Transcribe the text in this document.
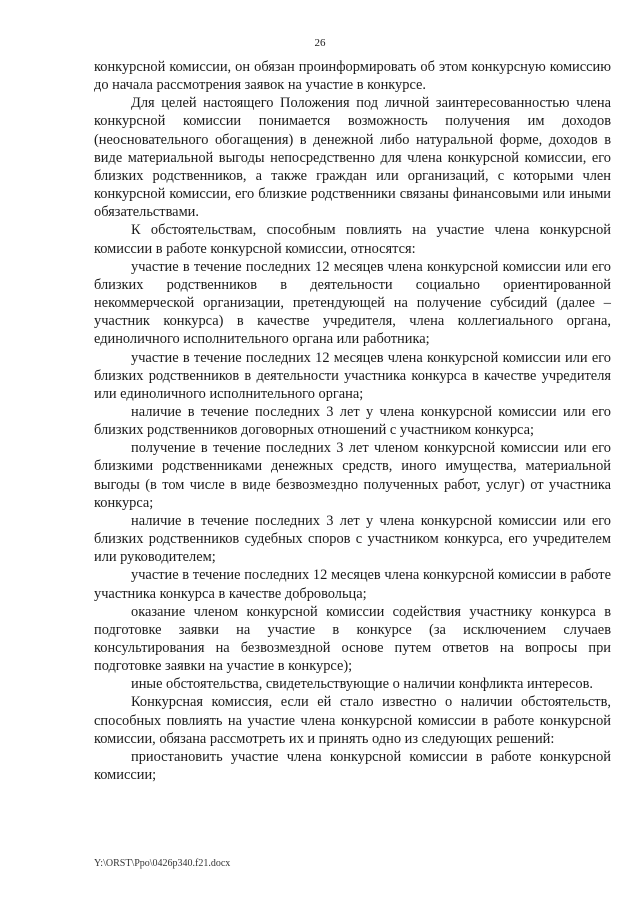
26

конкурсной комиссии, он обязан проинформировать об этом конкурсную комиссию до начала рассмотрения заявок на участие в конкурсе.

Для целей настоящего Положения под личной заинтересованностью члена конкурсной комиссии понимается возможность получения им доходов (неосновательного обогащения) в денежной либо натуральной форме, доходов в виде материальной выгоды непосредственно для члена конкурсной комиссии, его близких родственников, а также граждан или организаций, с которыми член конкурсной комиссии, его близкие родственники связаны финансовыми или иными обязательствами.

К обстоятельствам, способным повлиять на участие члена конкурсной комиссии в работе конкурсной комиссии, относятся:

участие в течение последних 12 месяцев члена конкурсной комиссии или его близких родственников в деятельности социально ориентированной некоммерческой организации, претендующей на получение субсидий (далее – участник конкурса) в качестве учредителя, члена коллегиального органа, единоличного исполнительного органа или работника;

участие в течение последних 12 месяцев члена конкурсной комиссии или его близких родственников в деятельности участника конкурса в качестве учредителя или единоличного исполнительного органа;

наличие в течение последних 3 лет у члена конкурсной комиссии или его близких родственников договорных отношений с участником конкурса;

получение в течение последних 3 лет членом конкурсной комиссии или его близкими родственниками денежных средств, иного имущества, материальной выгоды (в том числе в виде безвозмездно полученных работ, услуг) от участника конкурса;

наличие в течение последних 3 лет у члена конкурсной комиссии или его близких родственников судебных споров с участником конкурса, его учредителем или руководителем;

участие в течение последних 12 месяцев члена конкурсной комиссии в работе участника конкурса в качестве добровольца;

оказание членом конкурсной комиссии содействия участнику конкурса в подготовке заявки на участие в конкурсе (за исключением случаев консультирования на безвозмездной основе путем ответов на вопросы при подготовке заявки на участие в конкурсе);

иные обстоятельства, свидетельствующие о наличии конфликта интересов.

Конкурсная комиссия, если ей стало известно о наличии обстоятельств, способных повлиять на участие члена конкурсной комиссии в работе конкурсной комиссии, обязана рассмотреть их и принять одно из следующих решений:

приостановить участие члена конкурсной комиссии в работе конкурсной комиссии;

Y:\ORST\Ppo\0426p340.f21.docx
